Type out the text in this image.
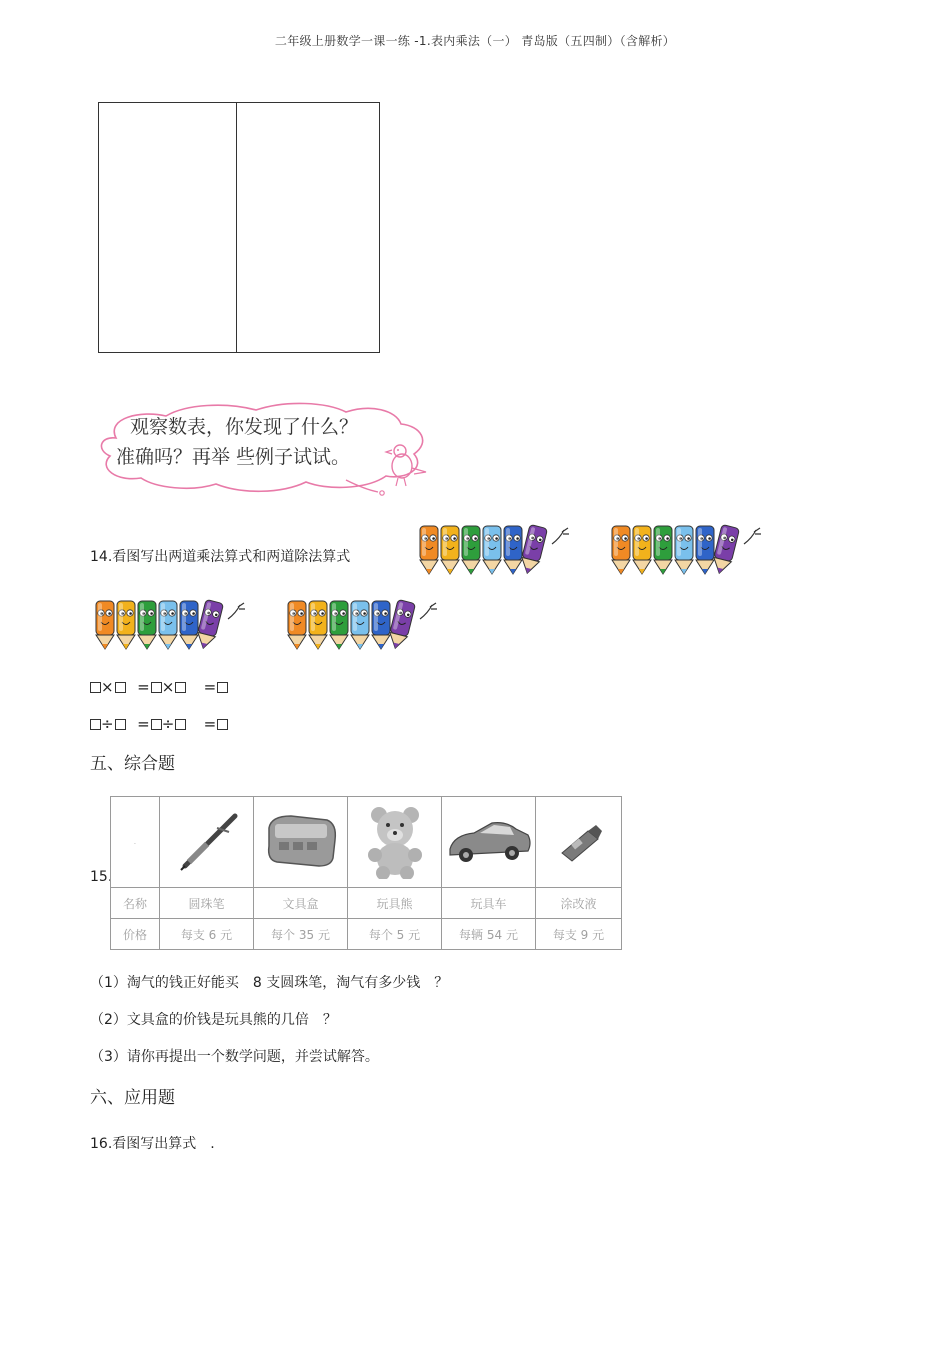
二年级上册数学一课一练 -1.表内乘法（一） 青岛版（五四制）（含解析）
观察数表，你发现了什么？
准确吗？再举 些例子试试。
14.看图写出两道乘法算式和两道除法算式
× = × =
÷ = ÷ =
五、综合题
15.
·					
名称	圆珠笔	文具盒	玩具熊	玩具车	涂改液
价格	每支 6 元	每个 35 元	每个 5 元	每辆 54 元	每支 9 元
（1）淘气的钱正好能买　8 支圆珠笔，淘气有多少钱　？
（2）文具盒的价钱是玩具熊的几倍　？
（3）请你再提出一个数学问题，并尝试解答。
六、应用题
16.看图写出算式　.
